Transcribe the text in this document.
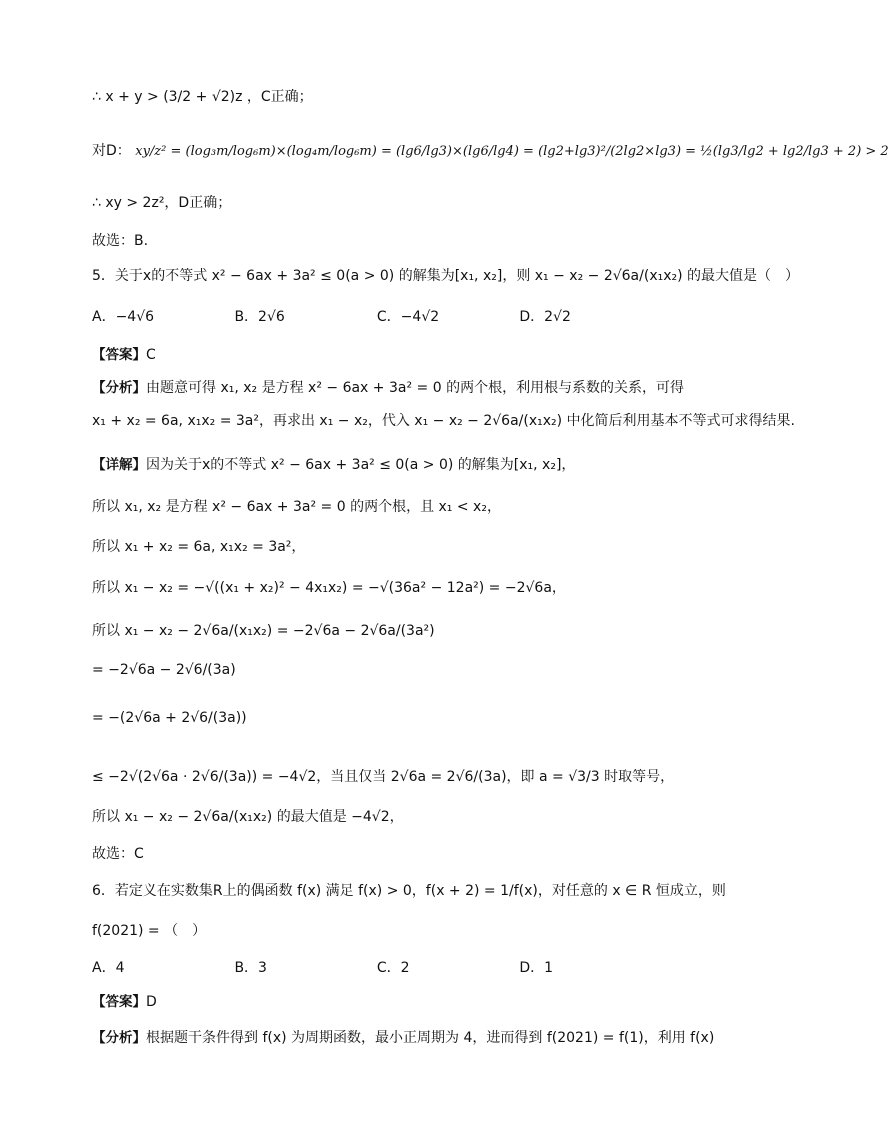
∴ x + y > (3/2 + √2)z ，C正确；
对D： xy/z² = (log₃m/log₆m)×(log₄m/log₆m) = (lg6/lg3)×(lg6/lg4) = (lg2+lg3)²/(2lg2×lg3) = ½(lg3/lg2 + lg2/lg3 + 2) > 2
∴ xy > 2z²，D正确；
故选：B.
5．关于x的不等式 x² − 6ax + 3a² ≤ 0(a > 0) 的解集为[x₁, x₂]，则 x₁ − x₂ − 2√6a/(x₁x₂) 的最大值是（　）
A．−4√6	B．2√6	C．−4√2	D．2√2
【答案】C
【分析】由题意可得 x₁, x₂ 是方程 x² − 6ax + 3a² = 0 的两个根，利用根与系数的关系，可得
x₁ + x₂ = 6a, x₁x₂ = 3a²，再求出 x₁ − x₂，代入 x₁ − x₂ − 2√6a/(x₁x₂) 中化简后利用基本不等式可求得结果.
【详解】因为关于x的不等式 x² − 6ax + 3a² ≤ 0(a > 0) 的解集为[x₁, x₂]，
所以 x₁, x₂ 是方程 x² − 6ax + 3a² = 0 的两个根，且 x₁ < x₂，
所以 x₁ + x₂ = 6a, x₁x₂ = 3a²，
所以 x₁ − x₂ = −√((x₁ + x₂)² − 4x₁x₂) = −√(36a² − 12a²) = −2√6a，
所以 x₁ − x₂ − 2√6a/(x₁x₂) = −2√6a − 2√6a/(3a²)
= −2√6a − 2√6/(3a)
= −(2√6a + 2√6/(3a))
≤ −2√(2√6a · 2√6/(3a)) = −4√2，当且仅当 2√6a = 2√6/(3a)，即 a = √3/3 时取等号，
所以 x₁ − x₂ − 2√6a/(x₁x₂) 的最大值是 −4√2，
故选：C
6．若定义在实数集R上的偶函数 f(x) 满足 f(x) > 0，f(x + 2) = 1/f(x)，对任意的 x ∈ R 恒成立，则
f(2021) = （　）
A．4	B．3	C．2	D．1
【答案】D
【分析】根据题干条件得到 f(x) 为周期函数，最小正周期为 4，进而得到 f(2021) = f(1)，利用 f(x)
